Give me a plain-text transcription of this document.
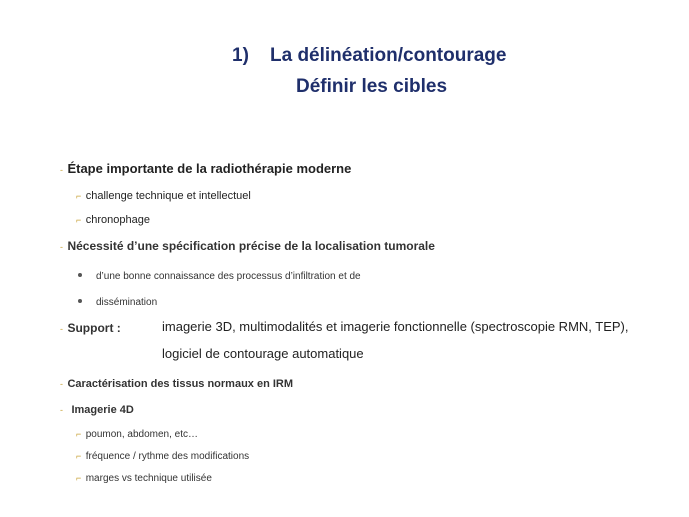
1) La délinéation/contourage
Définir les cibles
- Étape importante de la radiothérapie moderne
⌐ challenge technique et intellectuel
⌐ chronophage
- Nécessité d’une spécification précise de la localisation tumorale
d’une bonne connaissance des processus d’infiltration et de
dissémination
- Support :	imagerie 3D, multimodalités et imagerie fonctionnelle (spectroscopie RMN, TEP),
logiciel de contourage automatique
- Caractérisation des tissus normaux en IRM
- Imagerie 4D
⌐ poumon, abdomen, etc…
⌐ fréquence / rythme des modifications
⌐ marges vs technique utilisée
